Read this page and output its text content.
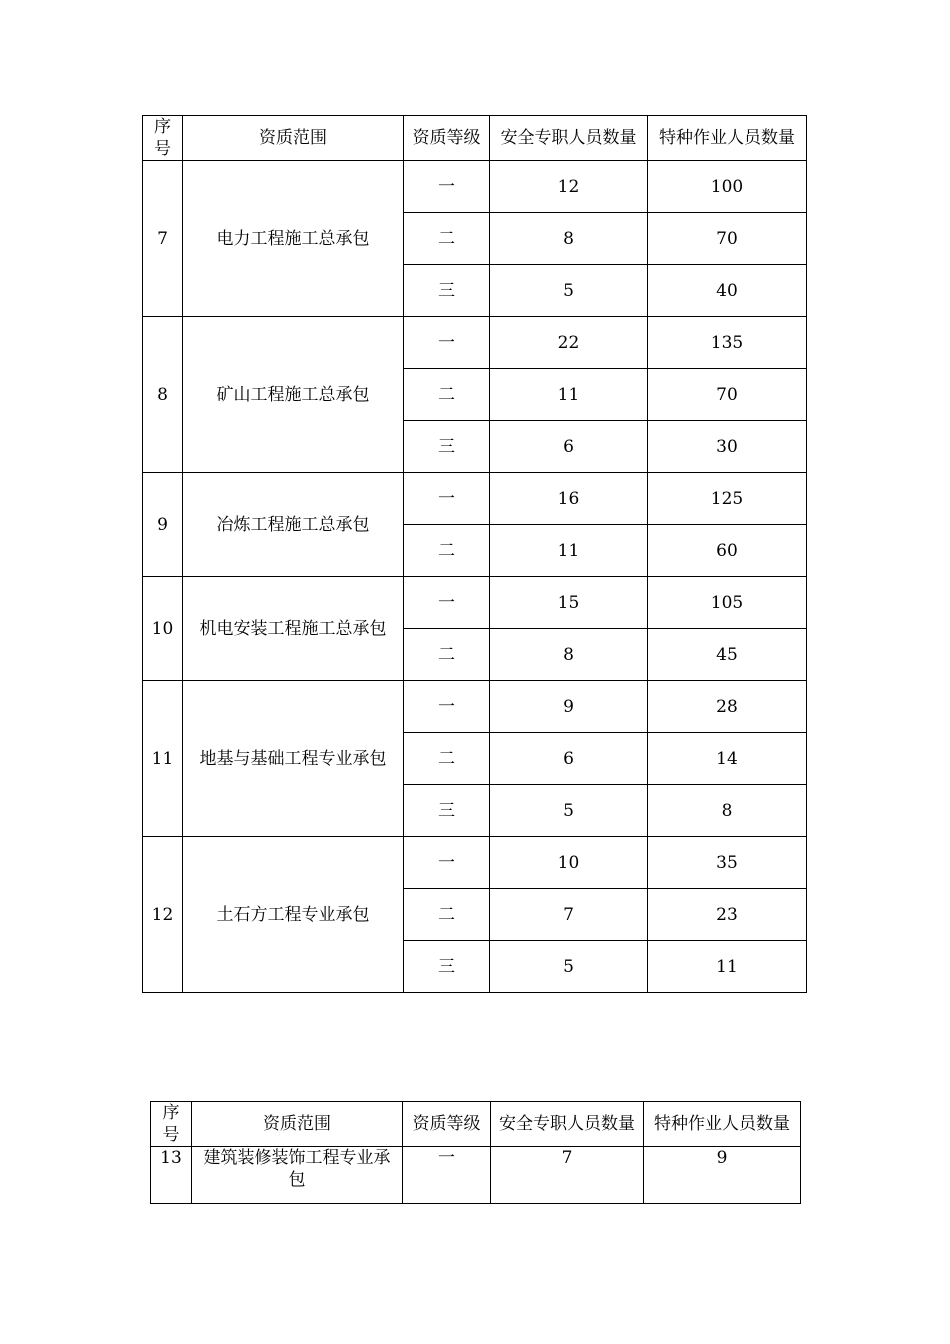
序号	资质范围	资质等级	安全专职人员数量	特种作业人员数量
7	电力工程施工总承包	一	12	100
		二	8	70
		三	5	40
8	矿山工程施工总承包	一	22	135
		二	11	70
		三	6	30
9	冶炼工程施工总承包	一	16	125
		二	11	60
10	机电安装工程施工总承包	一	15	105
		二	8	45
11	地基与基础工程专业承包	一	9	28
		二	6	14
		三	5	8
12	土石方工程专业承包	一	10	35
		二	7	23
		三	5	11
序号	资质范围	资质等级	安全专职人员数量	特种作业人员数量
13	建筑装修装饰工程专业承包	一	7	9
